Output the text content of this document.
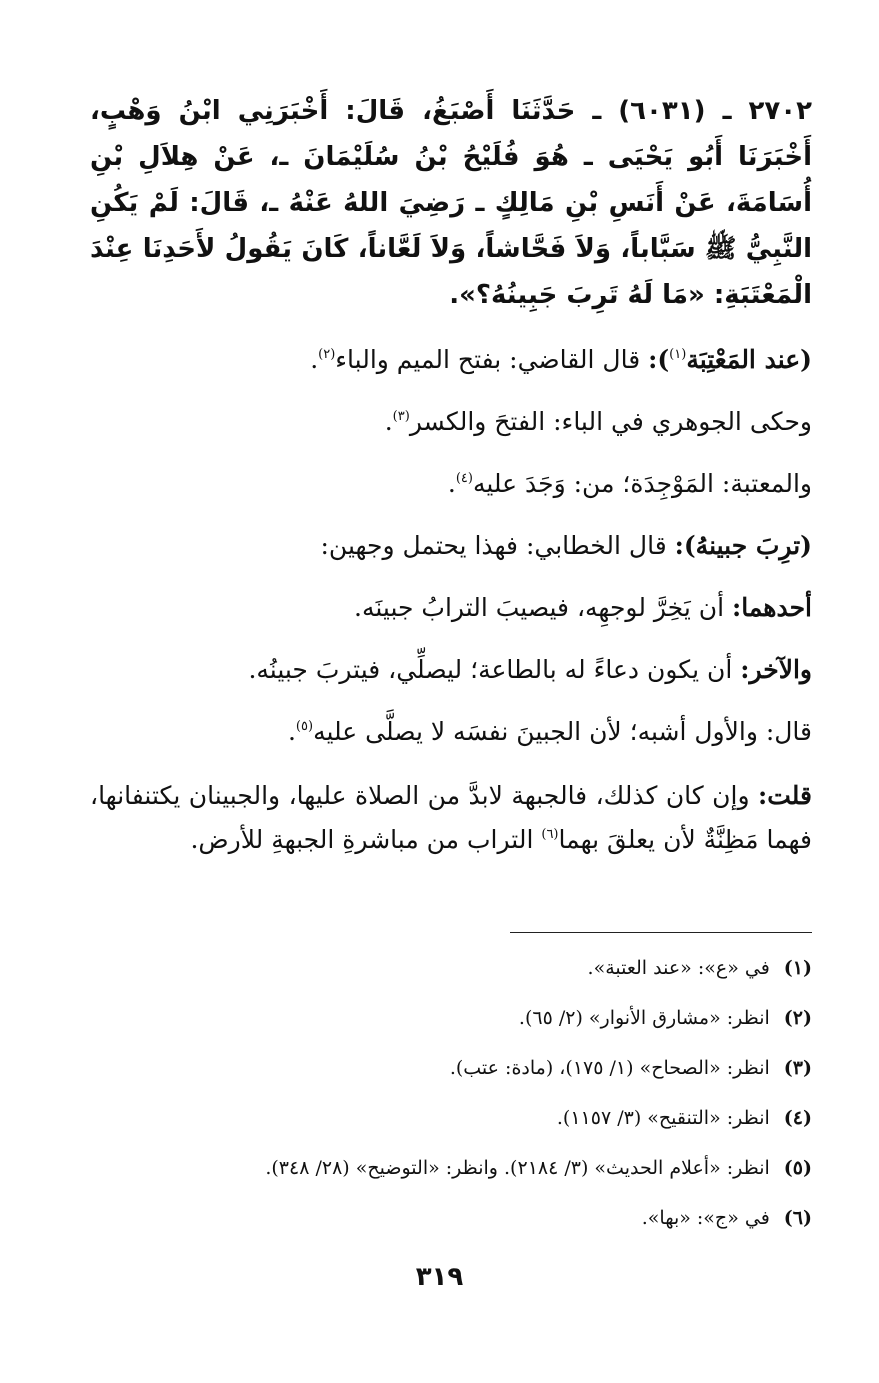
٢٧٠٢ ـ (٦٠٣١) ـ حَدَّثَنَا أَصْبَغُ، قَالَ: أَخْبَرَنِي ابْنُ وَهْبٍ، أَخْبَرَنَا أَبُو يَحْيَى ـ هُوَ فُلَيْحُ بْنُ سُلَيْمَانَ ـ، عَنْ هِلاَلِ بْنِ أُسَامَةَ، عَنْ أَنَسِ بْنِ مَالِكٍ ـ رَضِيَ اللهُ عَنْهُ ـ، قَالَ: لَمْ يَكُنِ النَّبِيُّ ﷺ سَبَّاباً، وَلاَ فَحَّاشاً، وَلاَ لَعَّاناً، كَانَ يَقُولُ لأَحَدِنَا عِنْدَ الْمَعْتَبَةِ: «مَا لَهُ تَرِبَ جَبِينُهُ؟».

(عند المَعْتِبَة$^{(١)}$): قال القاضي: بفتح الميم والباء$^{(٢)}$.

وحكى الجوهري في الباء: الفتحَ والكسر$^{(٣)}$.

والمعتبة: المَوْجِدَة؛ من: وَجَدَ عليه$^{(٤)}$.

(ترِبَ جبينهُ): قال الخطابي: فهذا يحتمل وجهين:

أحدهما: أن يَخِرَّ لوجهِه، فيصيبَ الترابُ جبينَه.

والآخر: أن يكون دعاءً له بالطاعة؛ ليصلِّي، فيتربَ جبينُه.

قال: والأول أشبه؛ لأن الجبينَ نفسَه لا يصلَّى عليه$^{(٥)}$.

قلت: وإن كان كذلك، فالجبهة لابدَّ من الصلاة عليها، والجبينان يكتنفانها، فهما مَظِنَّةٌ لأن يعلقَ بهما$^{(٦)}$ التراب من مباشرةِ الجبهةِ للأرض.

(١)في «ع»: «عند العتبة».
(٢)انظر: «مشارق الأنوار» (٢/ ٦٥).
(٣)انظر: «الصحاح» (١/ ١٧٥)، (مادة: عتب).
(٤)انظر: «التنقيح» (٣/ ١١٥٧).
(٥)انظر: «أعلام الحديث» (٣/ ٢١٨٤). وانظر: «التوضيح» (٢٨/ ٣٤٨).
(٦)في «ج»: «بها».
٣١٩
